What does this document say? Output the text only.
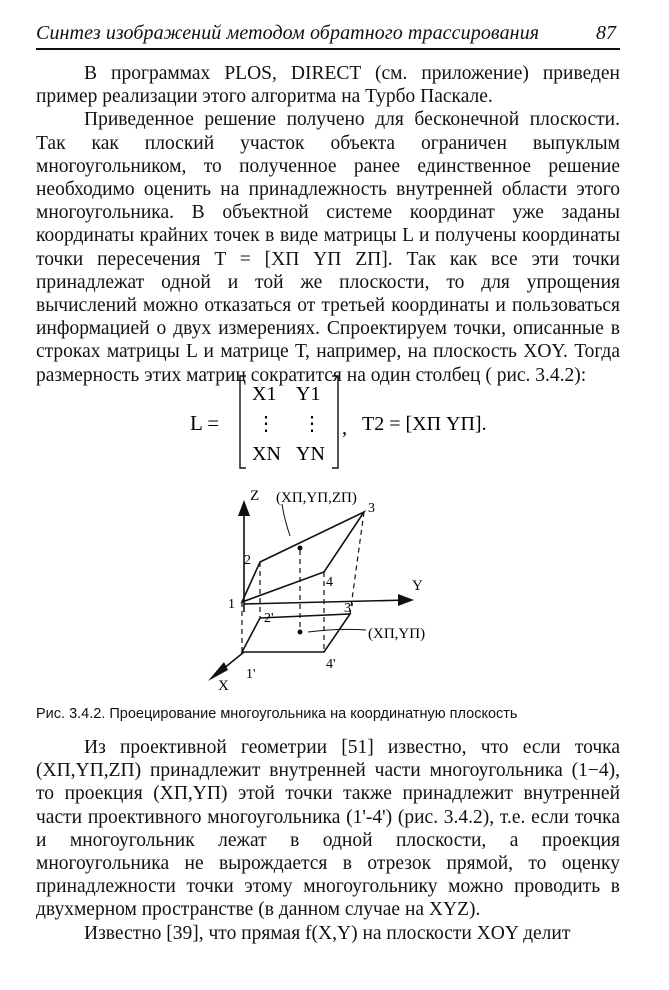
Синтез изображений методом обратного трассирования	87

В программах PLOS, DIRECT (см. приложение) приведен пример реализации этого алгоритма на Турбо Паскале.

Приведенное решение получено для бесконечной плоскости. Так как плоский участок объекта ограничен выпуклым многоугольником, то полученное ранее единственное решение необходимо оценить на принадлежность внутренней области этого многоугольника. В объектной системе координат уже заданы координаты крайних точек в виде матрицы L и получены координаты точки пересечения T = [XП YП ZП]. Так как все эти точки принадлежат одной и той же плоскости, то для упрощения вычислений можно отказаться от третьей координаты и пользоваться информацией о двух измерениях. Спроектируем точки, описанные в строках матрицы L и матрице Т, например, на плоскость XOY. Тогда размерность этих матриц сократится на один столбец ( рис. 3.4.2):

L =
X1 Y1
⋮ ⋮
XN YN
, T2 = [XП YП].
Z
Y
X
(XП,YП,ZП)
(XП,YП)
1
2
3
4
1'
2'
3'
4'
Рис. 3.4.2. Проецирование многоугольника на координатную плоскость

Из проективной геометрии [51] известно, что если точка (XП,YП,ZП) принадлежит внутренней части многоугольника (1−4), то проекция (XП,YП) этой точки также принадлежит внутренней части проективного многоугольника (1'-4') (рис. 3.4.2), т.е. если точка и многоугольник лежат в одной плоскости, а проекция многоугольника не вырождается в отрезок прямой, то оценку принадлежности точки этому многоугольнику можно проводить в двухмерном пространстве (в данном случае на XYZ).

Известно [39], что прямая f(X,Y) на плоскости XOY делит
